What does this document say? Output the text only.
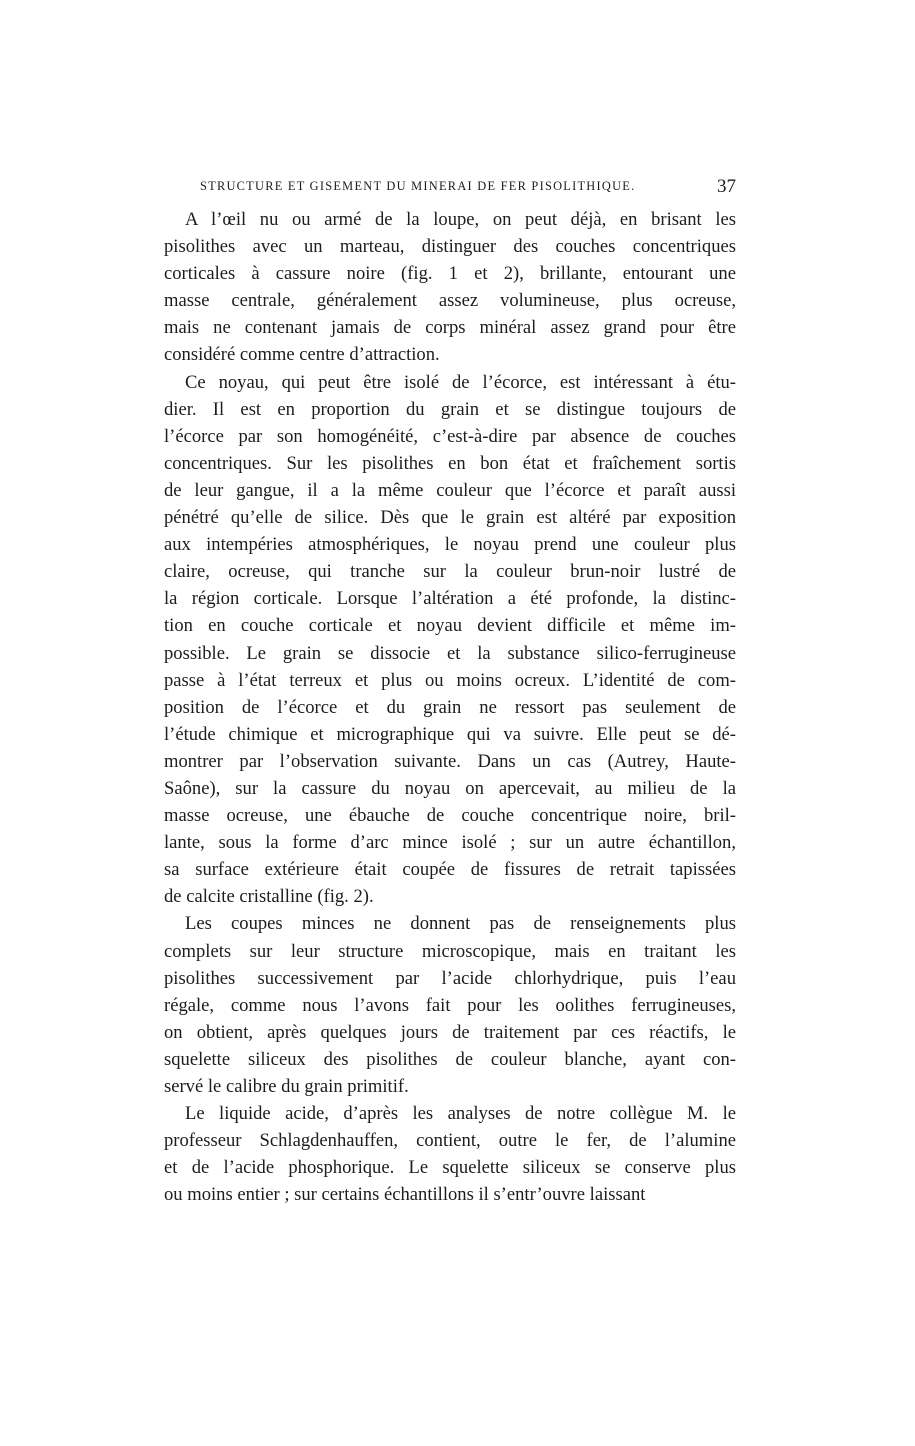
STRUCTURE ET GISEMENT DU MINERAI DE FER PISOLITHIQUE.	37
A l’œil nu ou armé de la loupe, on peut déjà, en brisant les
pisolithes avec un marteau, distinguer des couches concentriques
corticales à cassure noire (fig. 1 et 2), brillante, entourant une
masse centrale, généralement assez volumineuse, plus ocreuse,
mais ne contenant jamais de corps minéral assez grand pour être
considéré comme centre d’attraction.
Ce noyau, qui peut être isolé de l’écorce, est intéressant à étu-
dier. Il est en proportion du grain et se distingue toujours de
l’écorce par son homogénéité, c’est-à-dire par absence de couches
concentriques. Sur les pisolithes en bon état et fraîchement sortis
de leur gangue, il a la même couleur que l’écorce et paraît aussi
pénétré qu’elle de silice. Dès que le grain est altéré par exposition
aux intempéries atmosphériques, le noyau prend une couleur plus
claire, ocreuse, qui tranche sur la couleur brun-noir lustré de
la région corticale. Lorsque l’altération a été profonde, la distinc-
tion en couche corticale et noyau devient difficile et même im-
possible. Le grain se dissocie et la substance silico-ferrugineuse
passe à l’état terreux et plus ou moins ocreux. L’identité de com-
position de l’écorce et du grain ne ressort pas seulement de
l’étude chimique et micrographique qui va suivre. Elle peut se dé-
montrer par l’observation suivante. Dans un cas (Autrey, Haute-
Saône), sur la cassure du noyau on apercevait, au milieu de la
masse ocreuse, une ébauche de couche concentrique noire, bril-
lante, sous la forme d’arc mince isolé ; sur un autre échantillon,
sa surface extérieure était coupée de fissures de retrait tapissées
de calcite cristalline (fig. 2).
Les coupes minces ne donnent pas de renseignements plus
complets sur leur structure microscopique, mais en traitant les
pisolithes successivement par l’acide chlorhydrique, puis l’eau
régale, comme nous l’avons fait pour les oolithes ferrugineuses,
on obtient, après quelques jours de traitement par ces réactifs, le
squelette siliceux des pisolithes de couleur blanche, ayant con-
servé le calibre du grain primitif.
Le liquide acide, d’après les analyses de notre collègue M. le
professeur Schlagdenhauffen, contient, outre le fer, de l’alumine
et de l’acide phosphorique. Le squelette siliceux se conserve plus
ou moins entier ; sur certains échantillons il s’entr’ouvre laissant
